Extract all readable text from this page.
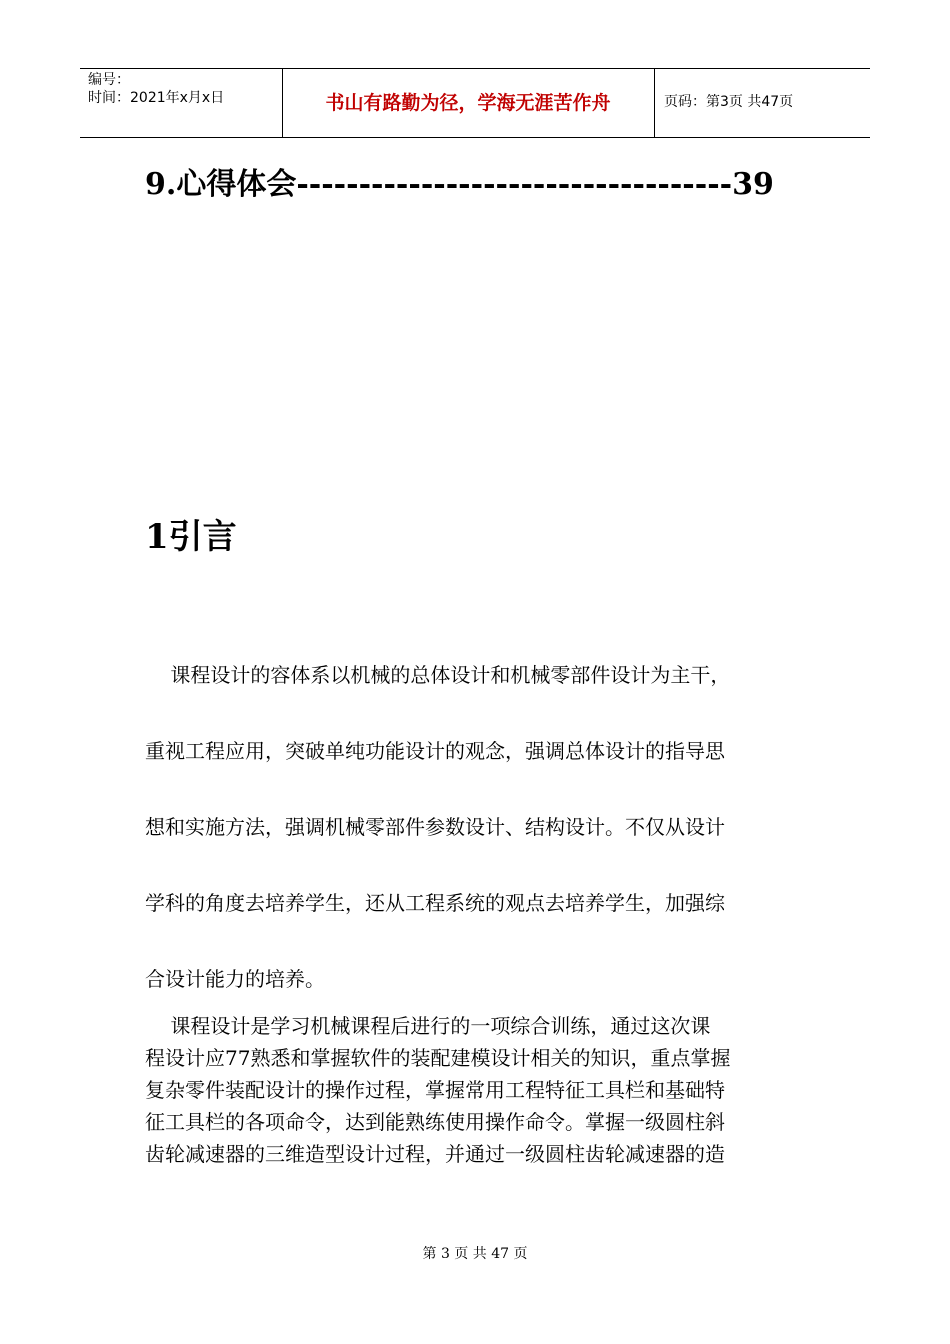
编号：
时间：2021年x月x日	书山有路勤为径，学海无涯苦作舟	页码：第3页 共47页
9.心得体会-----------------------------------39
1引言
课程设计的容体系以机械的总体设计和机械零部件设计为主干，
重视工程应用，突破单纯功能设计的观念，强调总体设计的指导思
想和实施方法，强调机械零部件参数设计、结构设计。不仅从设计
学科的角度去培养学生，还从工程系统的观点去培养学生，加强综
合设计能力的培养。
课程设计是学习机械课程后进行的一项综合训练，通过这次课
程设计应77熟悉和掌握软件的装配建模设计相关的知识，重点掌握
复杂零件装配设计的操作过程，掌握常用工程特征工具栏和基础特
征工具栏的各项命令，达到能熟练使用操作命令。掌握一级圆柱斜
齿轮减速器的三维造型设计过程，并通过一级圆柱齿轮减速器的造
第 3 页 共 47 页
